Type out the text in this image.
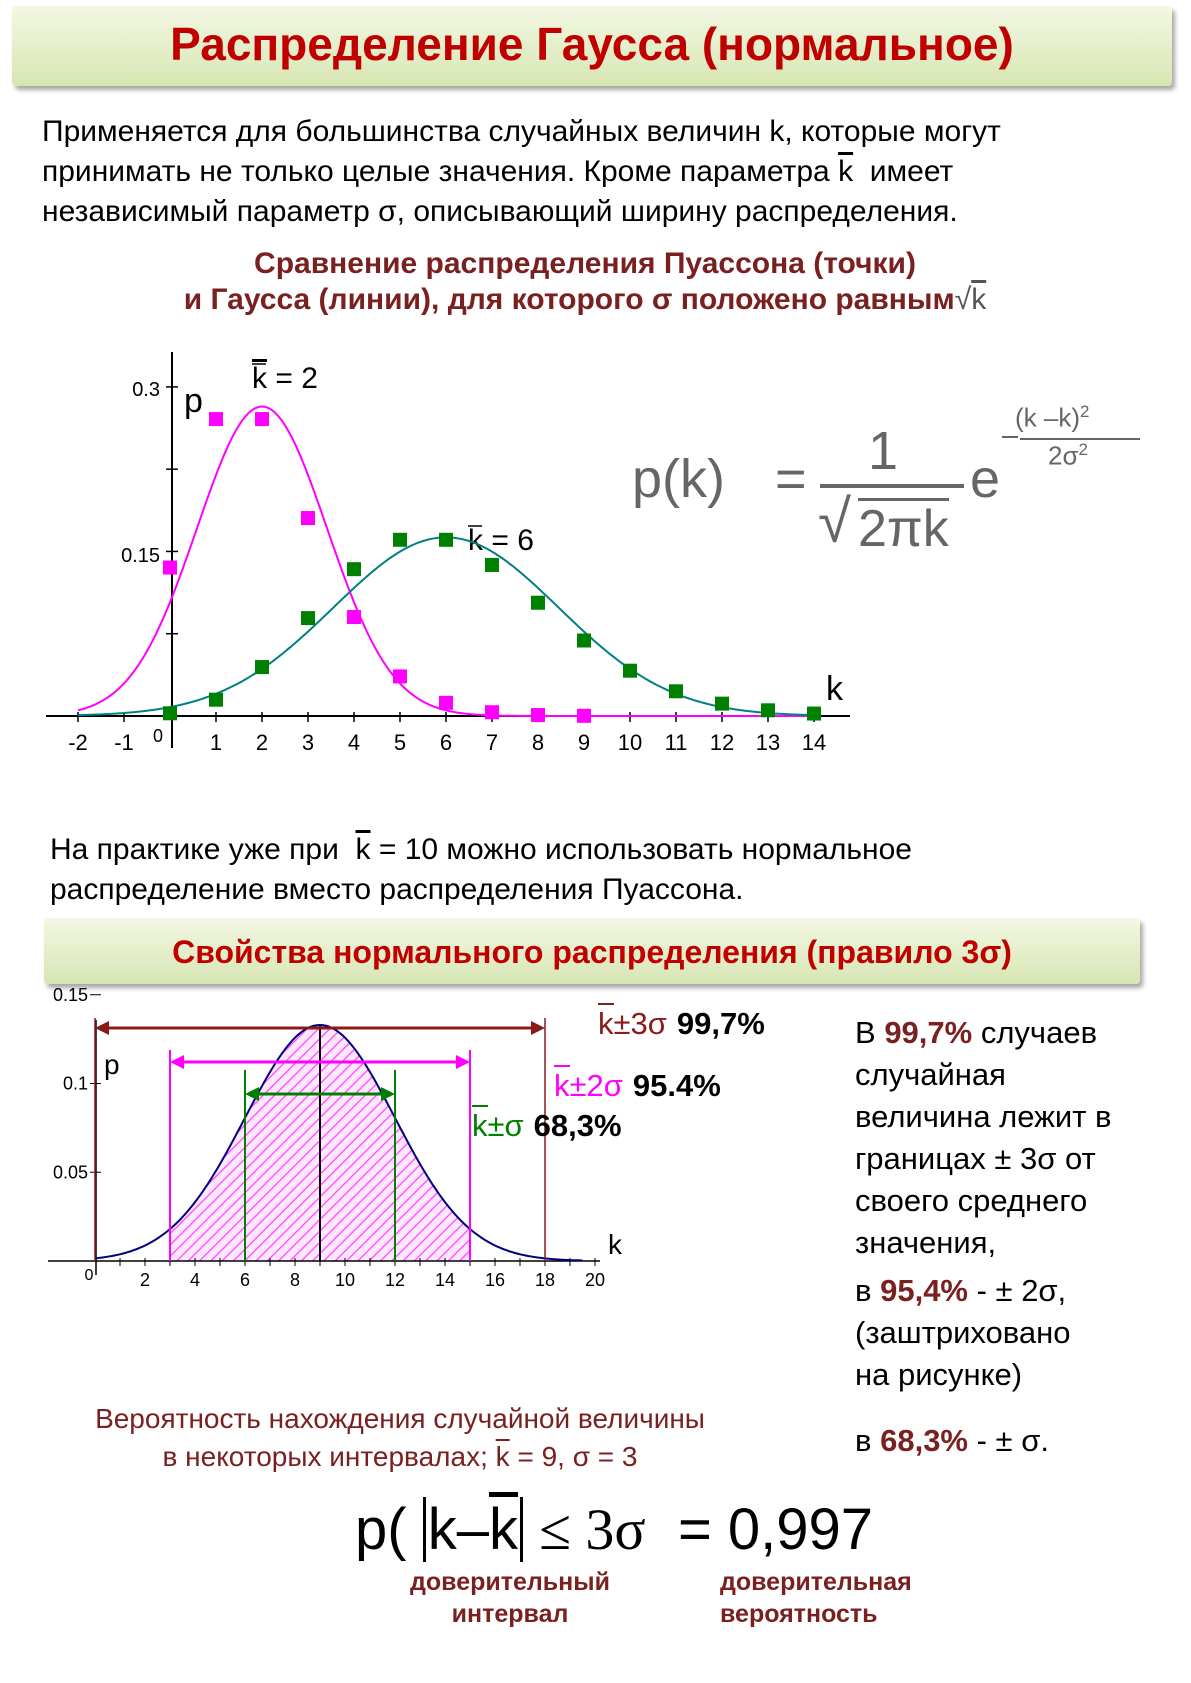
Распределение Гаусса (нормальное)
Применяется для большинства случайных величин k, которые могут
принимать не только целые значения. Кроме параметра $\overline{k}$ имеет
независимый параметр σ, описывающий ширину распределения.
Сравнение распределения Пуассона (точки)
и Гаусса (линии), для которого σ положено равным√k
-2 -1	1 2 3 4 5 6 7 8 9 10 11 12 13 14
0
0.3
0.15
p
k
k = 2
k = 6
p(k) = 1
√ 2πk
e
(k –k)$^2$
$2\sigma^2$
На практике уже при $\overline{k} = 10$ можно использовать нормальное
распределение вместо распределения Пуассона.
Свойства нормального распределения (правило 3σ)
2 4 6 8 10 12 14 16 18 20
0
0.15
0.1
0.05
p
k
k±3σ 99,7%
k±2σ 95.4%
k±σ 68,3%
В 99,7% случаев
случайная
величина лежит в
границах ± 3σ от
своего среднего
значения,
в 95,4% - ± 2σ,
(заштриховано
на рисунке)
в 68,3% - ± σ.
Вероятность нахождения случайной величины
в некоторых интервалах; $\overline{k} = 9$, σ = 3
p( $k-\overline{k} \le 3\sigma = 0,997$
доверительный
интервал
доверительная
вероятность
